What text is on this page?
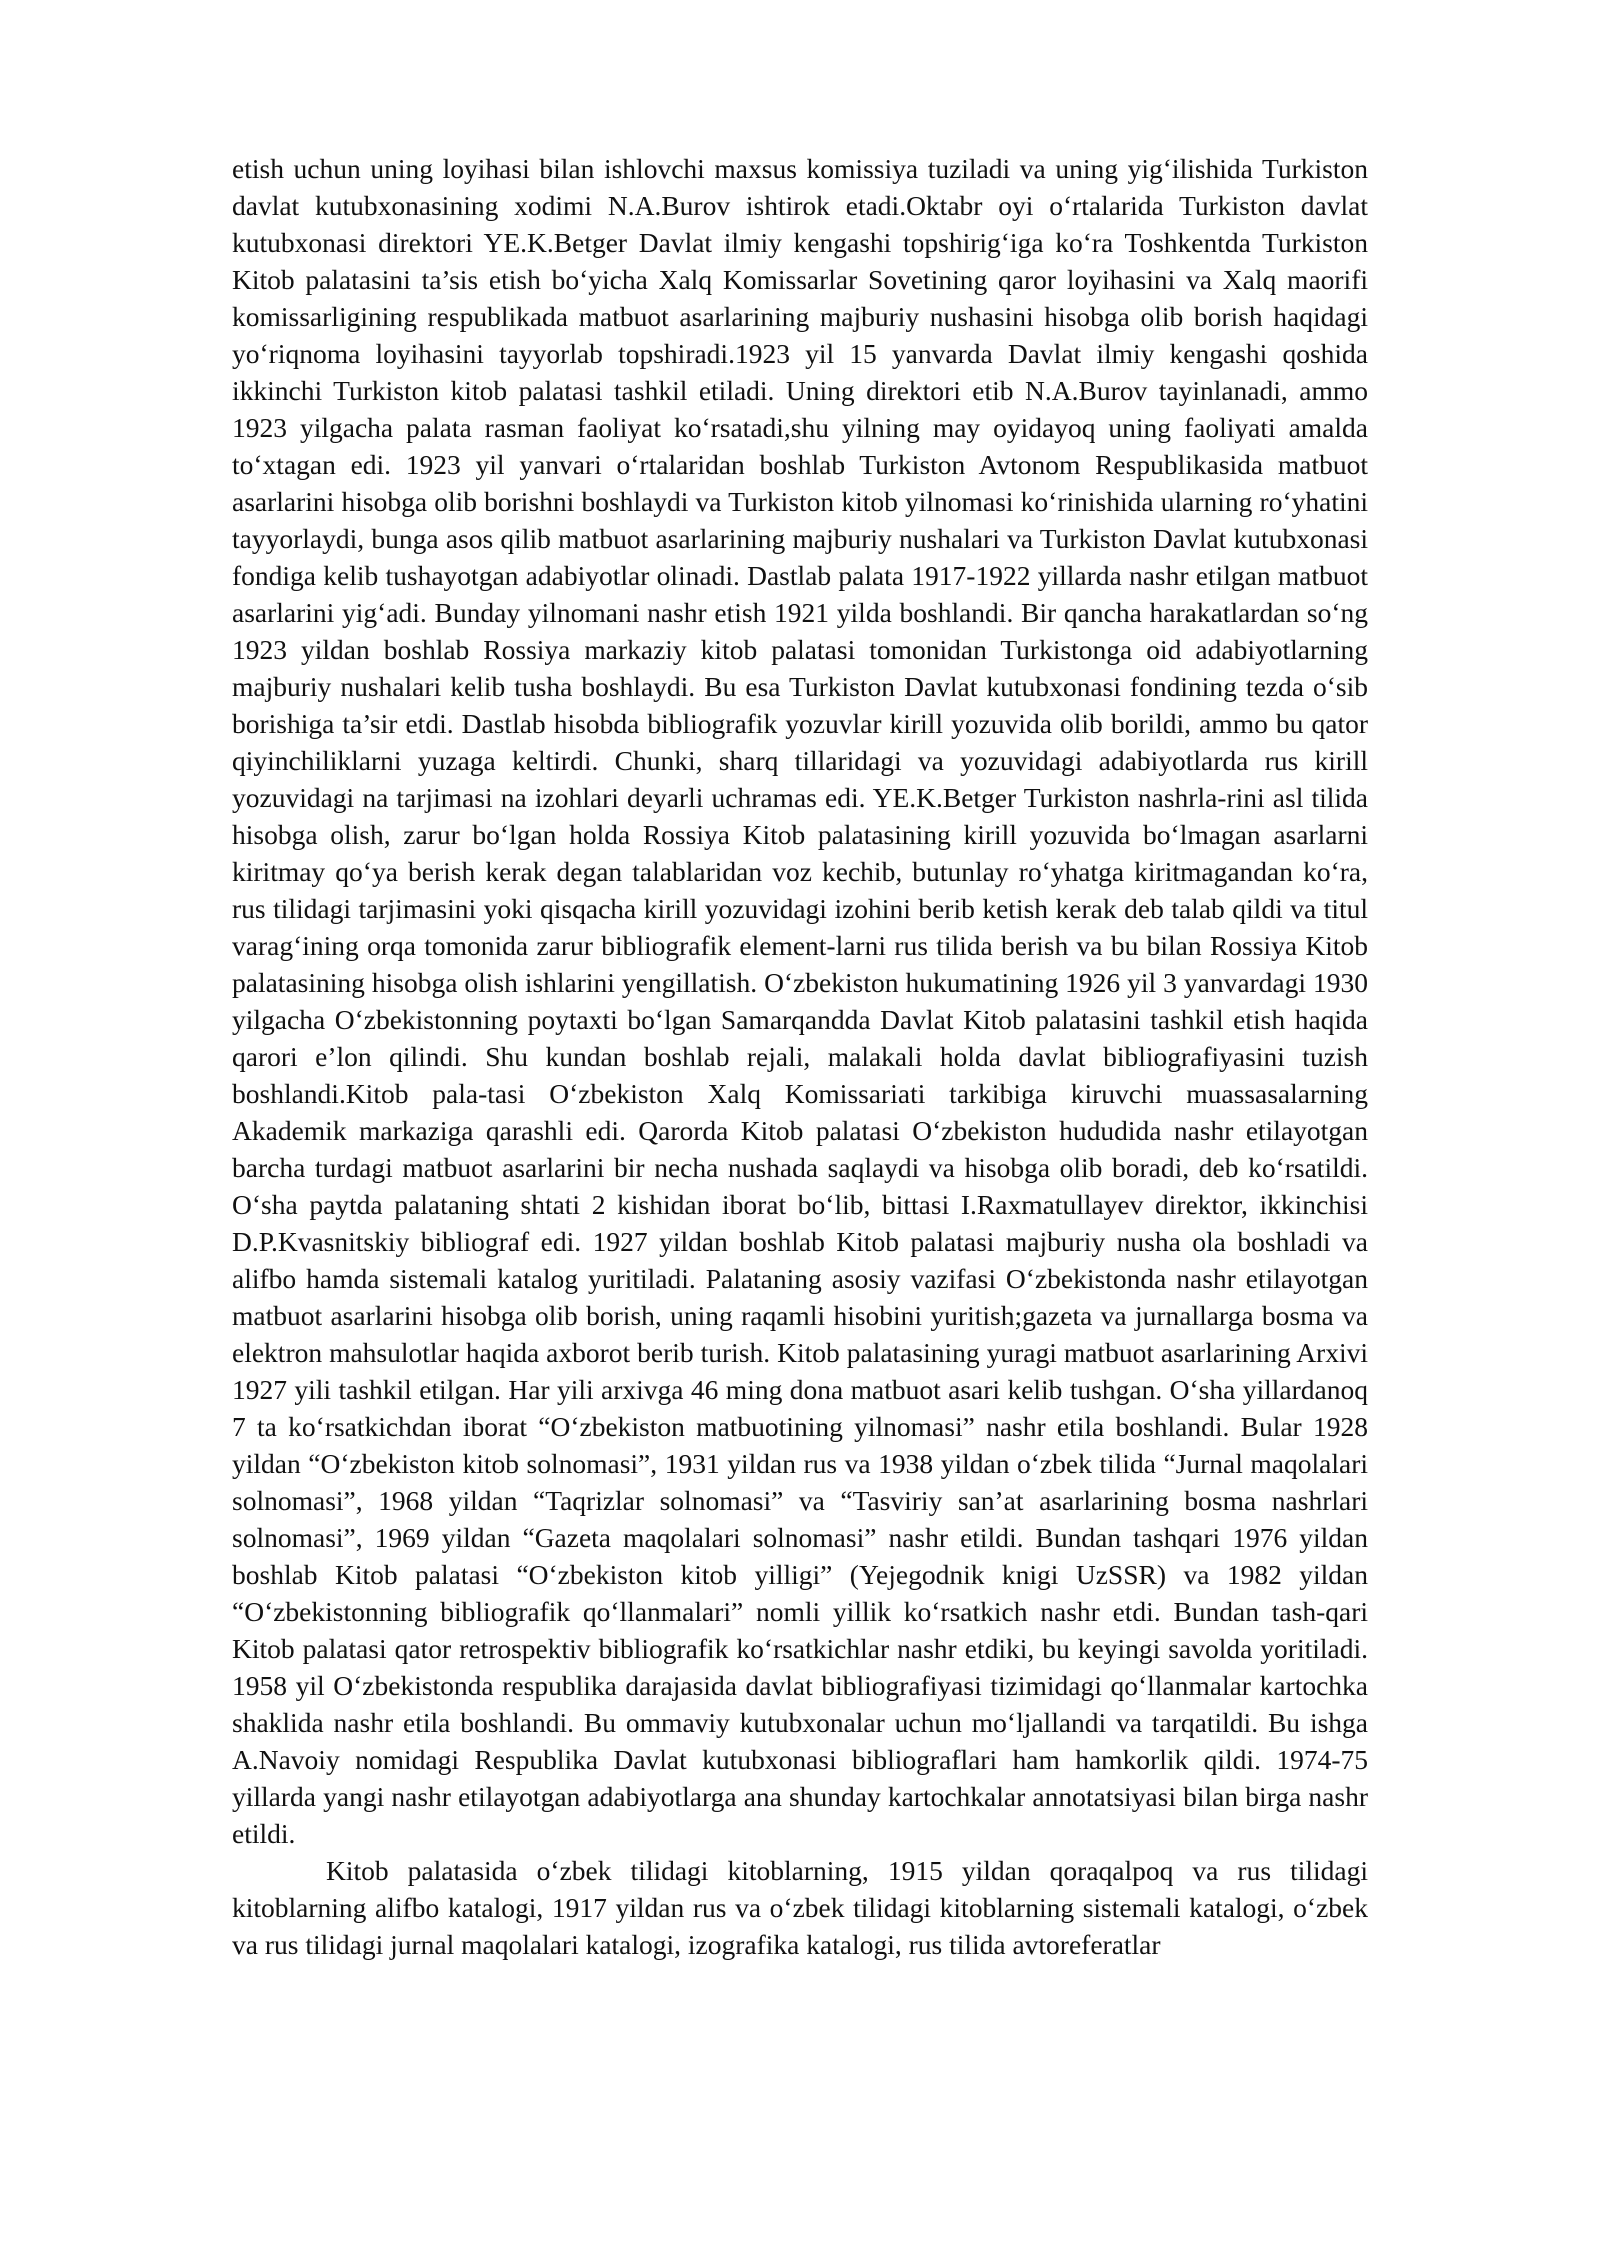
etish uchun uning loyihasi bilan ishlovchi maxsus komissiya tuziladi va uning yig‘ilishida Turkiston davlat kutubxonasining xodimi N.A.Burov ishtirok etadi.Oktabr oyi o‘rtalarida Turkiston davlat kutubxonasi direktori YE.K.Betger Davlat ilmiy kengashi topshirig‘iga ko‘ra Toshkentda Turkiston Kitob palatasini ta’sis etish bo‘yicha Xalq Komissarlar Sovetining qaror loyihasini va Xalq maorifi komissarligining respublikada matbuot asarlarining majburiy nushasini hisobga olib borish haqidagi yo‘riqnoma loyihasini tayyorlab topshiradi.1923 yil 15 yanvarda Davlat ilmiy kengashi qoshida ikkinchi Turkiston kitob palatasi tashkil etiladi. Uning direktori etib N.A.Burov tayinlanadi, ammo 1923 yilgacha palata rasman faoliyat ko‘rsatadi,shu yilning may oyidayoq uning faoliyati amalda to‘xtagan edi. 1923 yil yanvari o‘rtalaridan boshlab Turkiston Avtonom Respublikasida matbuot asarlarini hisobga olib borishni boshlaydi va Turkiston kitob yilnomasi ko‘rinishida ularning ro‘yhatini tayyorlaydi, bunga asos qilib matbuot asarlarining majburiy nushalari va Turkiston Davlat kutubxonasi fondiga kelib tushayotgan adabiyotlar olinadi. Dastlab palata 1917-1922 yillarda nashr etilgan matbuot asarlarini yig‘adi. Bunday yilnomani nashr etish 1921 yilda boshlandi. Bir qancha harakatlardan so‘ng 1923 yildan boshlab Rossiya markaziy kitob palatasi tomonidan Turkistonga oid adabiyotlarning majburiy nushalari kelib tusha boshlaydi. Bu esa Turkiston Davlat kutubxonasi fondining tezda o‘sib borishiga ta’sir etdi. Dastlab hisobda bibliografik yozuvlar kirill yozuvida olib borildi, ammo bu qator qiyinchiliklarni yuzaga keltirdi. Chunki, sharq tillaridagi va yozuvidagi adabiyotlarda rus kirill yozuvidagi na tarjimasi na izohlari deyarli uchramas edi. YE.K.Betger Turkiston nashrla-rini asl tilida hisobga olish, zarur bo‘lgan holda Rossiya Kitob palatasining kirill yozuvida bo‘lmagan asarlarni kiritmay qo‘ya berish kerak degan talablaridan voz kechib, butunlay ro‘yhatga kiritmagandan ko‘ra, rus tilidagi tarjimasini yoki qisqacha kirill yozuvidagi izohini berib ketish kerak deb talab qildi va titul varag‘ining orqa tomonida zarur bibliografik element-larni rus tilida berish va bu bilan Rossiya Kitob palatasining hisobga olish ishlarini yengillatish. O‘zbekiston hukumatining 1926 yil 3 yanvardagi 1930 yilgacha O‘zbekistonning poytaxti bo‘lgan Samarqandda Davlat Kitob palatasini tashkil etish haqida qarori e’lon qilindi. Shu kundan boshlab rejali, malakali holda davlat bibliografiyasini tuzish boshlandi.Kitob pala-tasi O‘zbekiston Xalq Komissariati tarkibiga kiruvchi muassasalarning Akademik markaziga qarashli edi. Qarorda Kitob palatasi O‘zbekiston hududida nashr etilayotgan barcha turdagi matbuot asarlarini bir necha nushada saqlaydi va hisobga olib boradi, deb ko‘rsatildi. O‘sha paytda palataning shtati 2 kishidan iborat bo‘lib, bittasi I.Raxmatullayev direktor, ikkinchisi D.P.Kvasnitskiy bibliograf edi. 1927 yildan boshlab Kitob palatasi majburiy nusha ola boshladi va alifbo hamda sistemali katalog yuritiladi. Palataning asosiy vazifasi O‘zbekistonda nashr etilayotgan matbuot asarlarini hisobga olib borish, uning raqamli hisobini yuritish;gazeta va jurnallarga bosma va elektron mahsulotlar haqida axborot berib turish. Kitob palatasining yuragi matbuot asarlarining Arxivi 1927 yili tashkil etilgan. Har yili arxivga 46 ming dona matbuot asari kelib tushgan. O‘sha yillardanoq 7 ta ko‘rsatkichdan iborat “O‘zbekiston matbuotining yilnomasi” nashr etila boshlandi. Bular 1928 yildan “O‘zbekiston kitob solnomasi”, 1931 yildan rus va 1938 yildan o‘zbek tilida “Jurnal maqolalari solnomasi”, 1968 yildan “Taqrizlar solnomasi” va “Tasviriy san’at asarlarining bosma nashrlari solnomasi”, 1969 yildan “Gazeta maqolalari solnomasi” nashr etildi. Bundan tashqari 1976 yildan boshlab Kitob palatasi “O‘zbekiston kitob yilligi” (Yejegodnik knigi UzSSR) va 1982 yildan “O‘zbekistonning bibliografik qo‘llanmalari” nomli yillik ko‘rsatkich nashr etdi. Bundan tash-qari Kitob palatasi qator retrospektiv bibliografik ko‘rsatkichlar nashr etdiki, bu keyingi savolda yoritiladi. 1958 yil O‘zbekistonda respublika darajasida davlat bibliografiyasi tizimidagi qo‘llanmalar kartochka shaklida nashr etila boshlandi. Bu ommaviy kutubxonalar uchun mo‘ljallandi va tarqatildi. Bu ishga A.Navoiy nomidagi Respublika Davlat kutubxonasi bibliograflari ham hamkorlik qildi. 1974-75 yillarda yangi nashr etilayotgan adabiyotlarga ana shunday kartochkalar annotatsiyasi bilan birga nashr etildi.

Kitob palatasida o‘zbek tilidagi kitoblarning, 1915 yildan qoraqalpoq va rus tilidagi kitoblarning alifbo katalogi, 1917 yildan rus va o‘zbek tilidagi kitoblarning sistemali katalogi, o‘zbek va rus tilidagi jurnal maqolalari katalogi, izografika katalogi, rus tilida avtoreferatlar
